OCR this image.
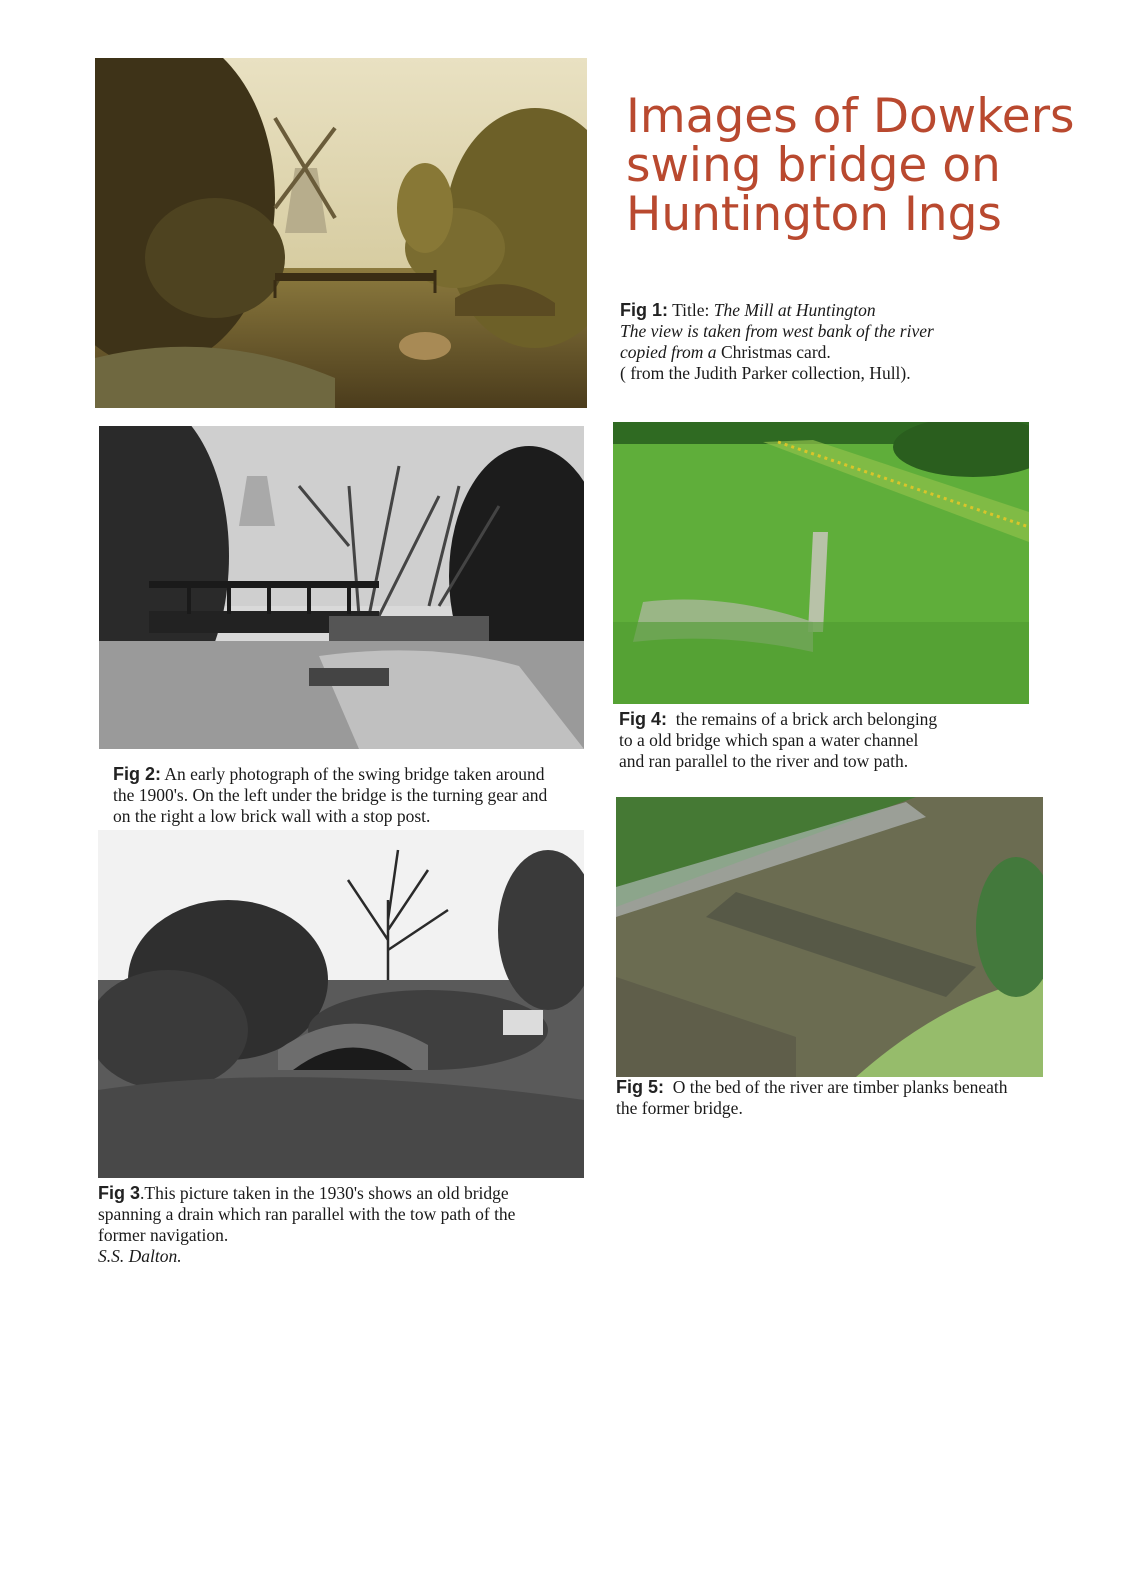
Images of Dowkers
swing bridge on
Huntington Ings
Fig 1: Title: The Mill at Huntington
The view is taken from west bank of the river
copied from a Christmas card.
( from the Judith Parker collection, Hull).
Fig 2: An early photograph of the swing bridge taken around
the 1900's. On the left under the bridge is the turning gear and
on the right a low brick wall with a stop post.
Fig 3.This picture taken in the 1930's shows an old bridge
spanning a drain which ran parallel with the tow path of the
former navigation.
S.S. Dalton.
Fig 4:  the remains of a brick arch belonging
to a old bridge which span a water channel
and ran parallel to the river and tow path.
Fig 5:  O the bed of the river are timber planks beneath
the former bridge.
